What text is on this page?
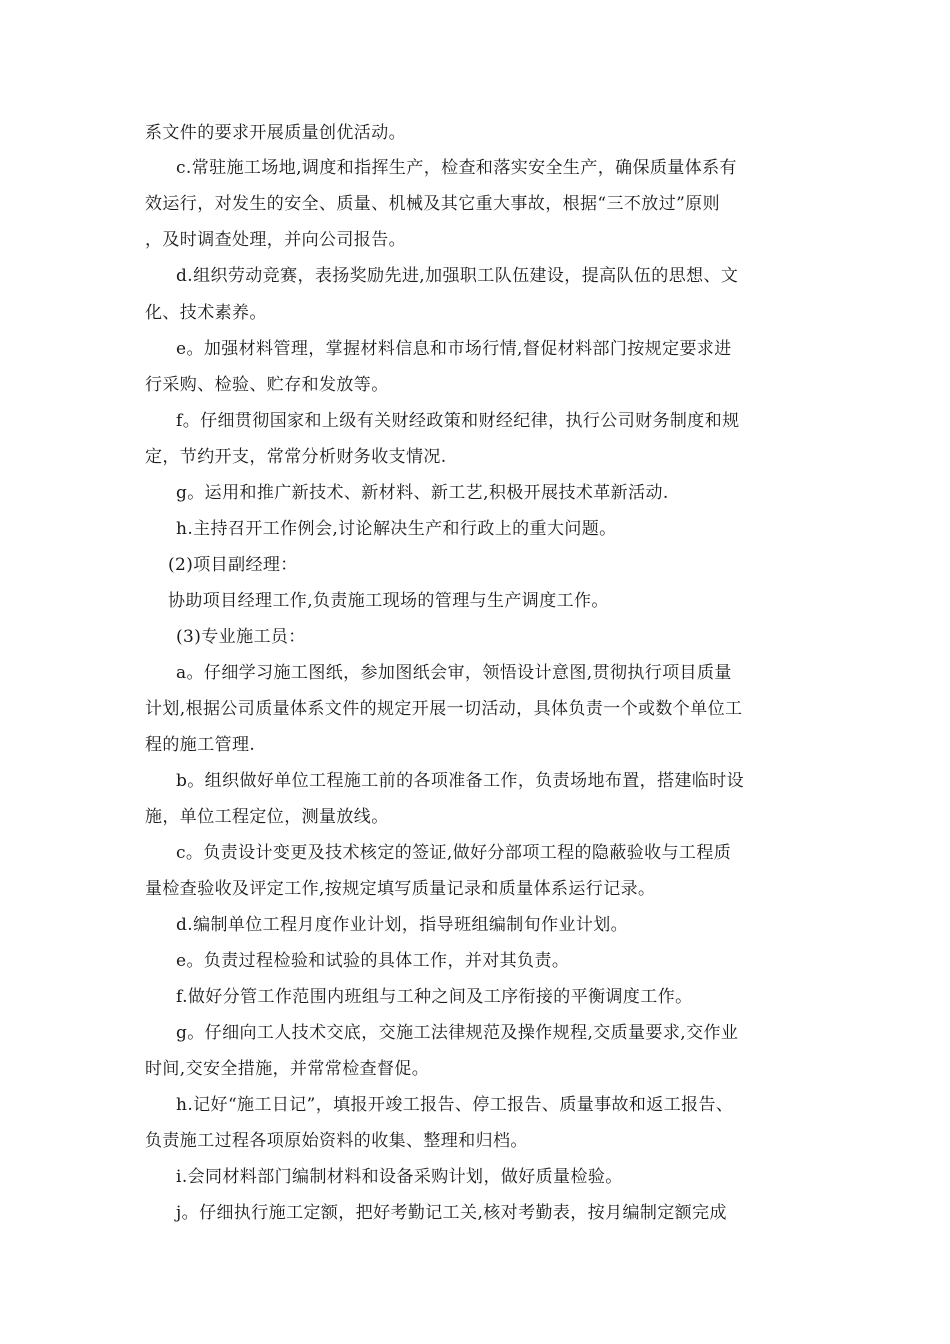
系文件的要求开展质量创优活动。
c.常驻施工场地,调度和指挥生产，检查和落实安全生产，确保质量体系有
效运行，对发生的安全、质量、机械及其它重大事故，根据“三不放过”原则
，及时调查处理，并向公司报告。
d.组织劳动竞赛，表扬奖励先进,加强职工队伍建设，提高队伍的思想、文
化、技术素养。
e。加强材料管理，掌握材料信息和市场行情,督促材料部门按规定要求进
行采购、检验、贮存和发放等。
f。仔细贯彻国家和上级有关财经政策和财经纪律，执行公司财务制度和规
定，节约开支，常常分析财务收支情况.
g。运用和推广新技术、新材料、新工艺,积极开展技术革新活动.
h.主持召开工作例会,讨论解决生产和行政上的重大问题。
(2)项目副经理：
协助项目经理工作,负责施工现场的管理与生产调度工作。
(3)专业施工员：
a。仔细学习施工图纸，参加图纸会审，领悟设计意图,贯彻执行项目质量
计划,根据公司质量体系文件的规定开展一切活动，具体负责一个或数个单位工
程的施工管理.
b。组织做好单位工程施工前的各项准备工作，负责场地布置，搭建临时设
施，单位工程定位，测量放线。
c。负责设计变更及技术核定的签证,做好分部项工程的隐蔽验收与工程质
量检查验收及评定工作,按规定填写质量记录和质量体系运行记录。
d.编制单位工程月度作业计划，指导班组编制旬作业计划。
e。负责过程检验和试验的具体工作，并对其负责。
f.做好分管工作范围内班组与工种之间及工序衔接的平衡调度工作。
g。仔细向工人技术交底，交施工法律规范及操作规程,交质量要求,交作业
时间,交安全措施，并常常检查督促。
h.记好“施工日记”，填报开竣工报告、停工报告、质量事故和返工报告、
负责施工过程各项原始资料的收集、整理和归档。
i.会同材料部门编制材料和设备采购计划，做好质量检验。
j。仔细执行施工定额，把好考勤记工关,核对考勤表，按月编制定额完成
